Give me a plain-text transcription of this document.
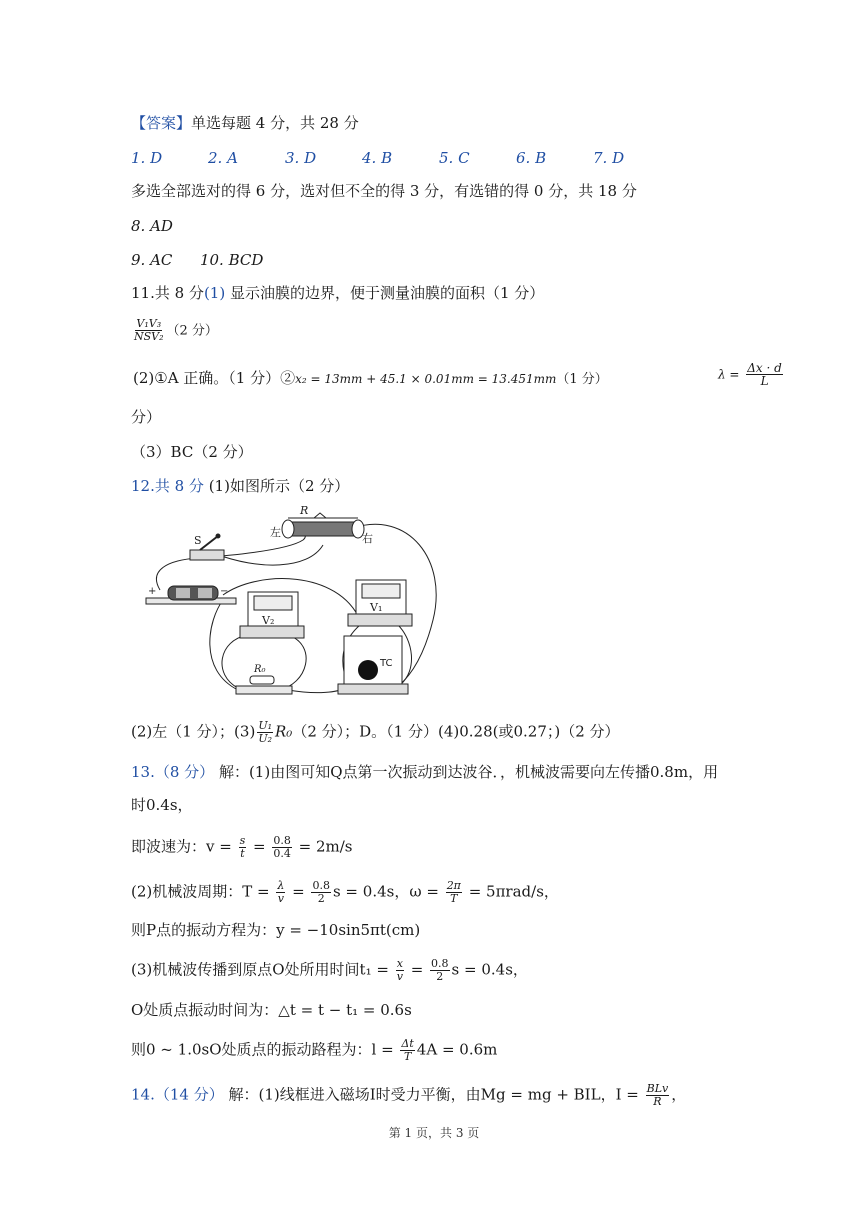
【答案】单选每题 4 分，共 28 分
1. D	2. A	3. D	4. B	5. C	6. B	7. D
多选全部选对的得 6 分，选对但不全的得 3 分，有选错的得 0 分，共 18 分
8. AD
9. AC 10. BCD
11.共 8 分(1) 显示油膜的边界，便于测量油膜的面积（1 分）
$\frac{\text{V₁V₃}}{\text{NSV₂}} (2$ 分）
(2)①A 正确。（1 分）②x₂ = 13mm + 45.1 × 0.01mm = 13.451mm（1 分）	$\lambda = \frac{\Delta x \cdot d}{L}$
分）
（3）BC（2 分）
12.共 8 分 (1)如图所示（2 分）
+	−
S
R
左	右
V₂
V₁
R₀
TC
(2)左（1 分）；$(3) \frac{\text{U₁}}{\text{U₂}} R_0(2$ 分）；D。（1 分）(4)0.28(或0.27；)（2 分）
13.（8 分） 解：(1)由图可知Q点第一次振动到达波谷．，机械波需要向左传播0.8m，用
时0.4s，
即波速为：$v = \frac{s}{t} = \frac{0.8}{0.4} = 2m/s$
(2)机械波周期：$T = \frac{\lambda}{v} = \frac{0.8}{2}$ s = 0.4s，$\omega = \frac{2\pi}{T} = 5\pi rad/s$，
则P点的振动方程为：y = −10sin5πt(cm)
(3)机械波传播到原点O处所用时间$t_1 = \frac{x}{v} = \frac{0.8}{2}$ s = 0.4s，
O处质点振动时间为：△t = t − t₁ = 0.6s
则0 ~ 1.0sO处质点的振动路程为：$l = \frac{\Delta t}{T} 4A = 0.6m$
14.（14 分） 解：(1)线框进入磁场I时受力平衡，由Mg = mg + BIL，$I = \frac{\text{BLv}}{R}$ ，
第 1 页，共 3 页
